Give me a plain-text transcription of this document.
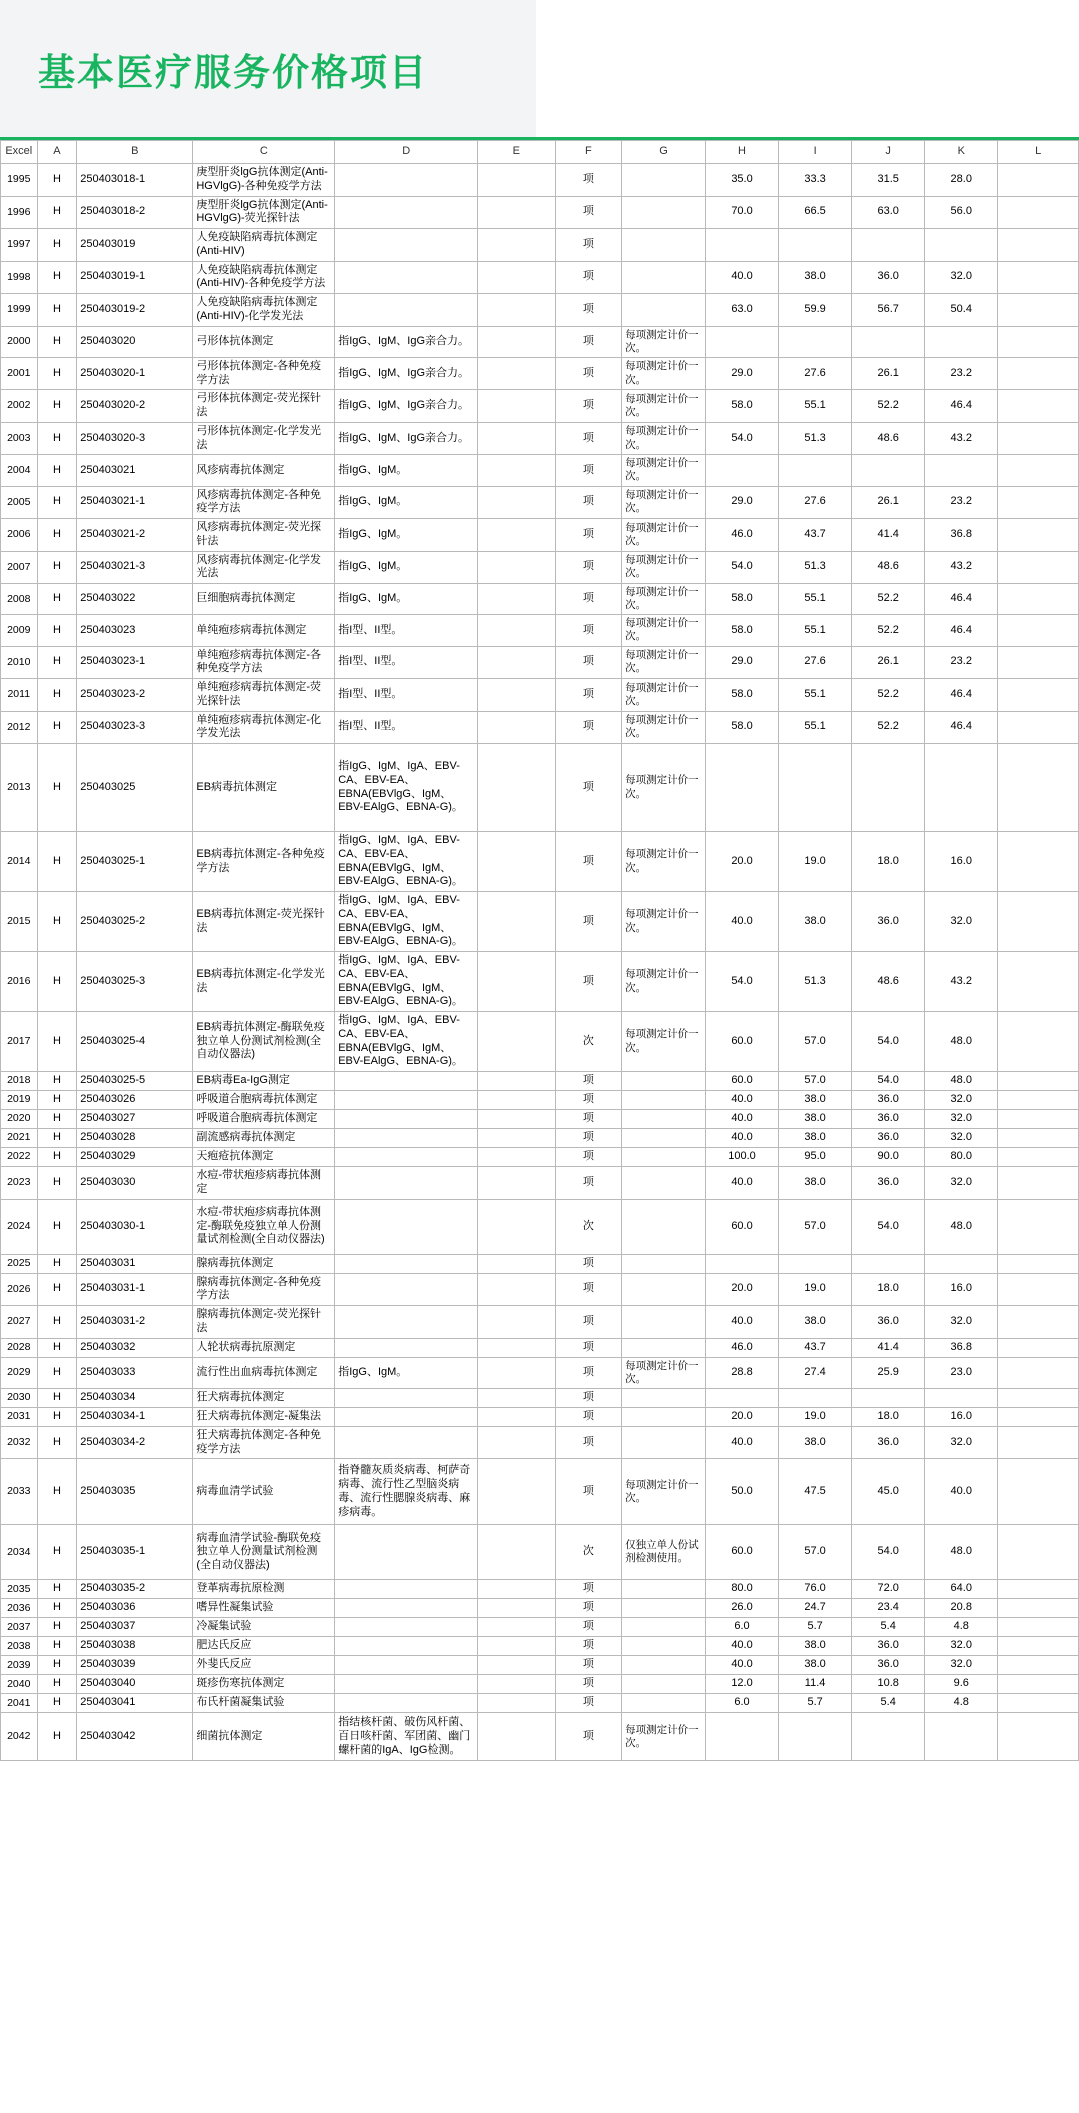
基本医疗服务价格项目
Excel	A	B	C	D	E	F	G	H	I	J	K	L
1995	H	250403018-1	庚型肝炎lgG抗体测定(Anti-HGVlgG)-各种免疫学方法			项		35.0	33.3	31.5	28.0	
1996	H	250403018-2	庚型肝炎lgG抗体测定(Anti-HGVlgG)-荧光探针法			项		70.0	66.5	63.0	56.0	
1997	H	250403019	人免疫缺陷病毒抗体测定(Anti-HIV)			项						
1998	H	250403019-1	人免疫缺陷病毒抗体测定(Anti-HIV)-各种免疫学方法			项		40.0	38.0	36.0	32.0	
1999	H	250403019-2	人免疫缺陷病毒抗体测定(Anti-HIV)-化学发光法			项		63.0	59.9	56.7	50.4	
2000	H	250403020	弓形体抗体测定	指IgG、IgM、IgG亲合力。		项	每项测定计价一次。					
2001	H	250403020-1	弓形体抗体测定-各种免疫学方法	指IgG、IgM、IgG亲合力。		项	每项测定计价一次。	29.0	27.6	26.1	23.2	
2002	H	250403020-2	弓形体抗体测定-荧光探针法	指IgG、IgM、IgG亲合力。		项	每项测定计价一次。	58.0	55.1	52.2	46.4	
2003	H	250403020-3	弓形体抗体测定-化学发光法	指IgG、IgM、IgG亲合力。		项	每项测定计价一次。	54.0	51.3	48.6	43.2	
2004	H	250403021	风疹病毒抗体测定	指IgG、IgM。		项	每项测定计价一次。					
2005	H	250403021-1	风疹病毒抗体测定-各种免疫学方法	指IgG、IgM。		项	每项测定计价一次。	29.0	27.6	26.1	23.2	
2006	H	250403021-2	风疹病毒抗体测定-荧光探针法	指IgG、IgM。		项	每项测定计价一次。	46.0	43.7	41.4	36.8	
2007	H	250403021-3	风疹病毒抗体测定-化学发光法	指IgG、IgM。		项	每项测定计价一次。	54.0	51.3	48.6	43.2	
2008	H	250403022	巨细胞病毒抗体测定	指IgG、IgM。		项	每项测定计价一次。	58.0	55.1	52.2	46.4	
2009	H	250403023	单纯疱疹病毒抗体测定	指I型、II型。		项	每项测定计价一次。	58.0	55.1	52.2	46.4	
2010	H	250403023-1	单纯疱疹病毒抗体测定-各种免疫学方法	指I型、II型。		项	每项测定计价一次。	29.0	27.6	26.1	23.2	
2011	H	250403023-2	单纯疱疹病毒抗体测定-荧光探针法	指I型、II型。		项	每项测定计价一次。	58.0	55.1	52.2	46.4	
2012	H	250403023-3	单纯疱疹病毒抗体测定-化学发光法	指I型、II型。		项	每项测定计价一次。	58.0	55.1	52.2	46.4	
2013	H	250403025	EB病毒抗体测定	指IgG、IgM、IgA、EBV-CA、EBV-EA、EBNA(EBVlgG、IgM、EBV-EAlgG、EBNA-G)。		项	每项测定计价一次。					
2014	H	250403025-1	EB病毒抗体测定-各种免疫学方法	指IgG、IgM、IgA、EBV-CA、EBV-EA、EBNA(EBVlgG、IgM、EBV-EAlgG、EBNA-G)。		项	每项测定计价一次。	20.0	19.0	18.0	16.0	
2015	H	250403025-2	EB病毒抗体测定-荧光探针法	指IgG、IgM、IgA、EBV-CA、EBV-EA、EBNA(EBVlgG、IgM、EBV-EAlgG、EBNA-G)。		项	每项测定计价一次。	40.0	38.0	36.0	32.0	
2016	H	250403025-3	EB病毒抗体测定-化学发光法	指IgG、IgM、IgA、EBV-CA、EBV-EA、EBNA(EBVlgG、IgM、EBV-EAlgG、EBNA-G)。		项	每项测定计价一次。	54.0	51.3	48.6	43.2	
2017	H	250403025-4	EB病毒抗体测定-酶联免疫独立单人份测试剂检测(全自动仪器法)	指IgG、IgM、IgA、EBV-CA、EBV-EA、EBNA(EBVlgG、IgM、EBV-EAlgG、EBNA-G)。		次	每项测定计价一次。	60.0	57.0	54.0	48.0	
2018	H	250403025-5	EB病毒Ea-IgG测定			项		60.0	57.0	54.0	48.0	
2019	H	250403026	呼吸道合胞病毒抗体测定			项		40.0	38.0	36.0	32.0	
2020	H	250403027	呼吸道合胞病毒抗体测定			项		40.0	38.0	36.0	32.0	
2021	H	250403028	副流感病毒抗体测定			项		40.0	38.0	36.0	32.0	
2022	H	250403029	天疱疮抗体测定			项		100.0	95.0	90.0	80.0	
2023	H	250403030	水痘-带状疱疹病毒抗体测定			项		40.0	38.0	36.0	32.0	
2024	H	250403030-1	水痘-带状疱疹病毒抗体测定-酶联免疫独立单人份测量试剂检测(全自动仪器法)			次		60.0	57.0	54.0	48.0	
2025	H	250403031	腺病毒抗体测定			项						
2026	H	250403031-1	腺病毒抗体测定-各种免疫学方法			项		20.0	19.0	18.0	16.0	
2027	H	250403031-2	腺病毒抗体测定-荧光探针法			项		40.0	38.0	36.0	32.0	
2028	H	250403032	人轮状病毒抗原测定			项		46.0	43.7	41.4	36.8	
2029	H	250403033	流行性出血病毒抗体测定	指IgG、IgM。		项	每项测定计价一次。	28.8	27.4	25.9	23.0	
2030	H	250403034	狂犬病毒抗体测定			项						
2031	H	250403034-1	狂犬病毒抗体测定-凝集法			项		20.0	19.0	18.0	16.0	
2032	H	250403034-2	狂犬病毒抗体测定-各种免疫学方法			项		40.0	38.0	36.0	32.0	
2033	H	250403035	病毒血清学试验	指脊髓灰质炎病毒、柯萨奇病毒、流行性乙型脑炎病毒、流行性腮腺炎病毒、麻疹病毒。		项	每项测定计价一次。	50.0	47.5	45.0	40.0	
2034	H	250403035-1	病毒血清学试验-酶联免疫独立单人份测量试剂检测(全自动仪器法)			次	仅独立单人份试剂检测使用。	60.0	57.0	54.0	48.0	
2035	H	250403035-2	登革病毒抗原检测			项		80.0	76.0	72.0	64.0	
2036	H	250403036	嗜异性凝集试验			项		26.0	24.7	23.4	20.8	
2037	H	250403037	冷凝集试验			项		6.0	5.7	5.4	4.8	
2038	H	250403038	肥达氏反应			项		40.0	38.0	36.0	32.0	
2039	H	250403039	外斐氏反应			项		40.0	38.0	36.0	32.0	
2040	H	250403040	斑疹伤寒抗体测定			项		12.0	11.4	10.8	9.6	
2041	H	250403041	布氏杆菌凝集试验			项		6.0	5.7	5.4	4.8	
2042	H	250403042	细菌抗体测定	指结核杆菌、破伤风杆菌、百日咳杆菌、军团菌、幽门螺杆菌的IgA、IgG检测。		项	每项测定计价一次。					
